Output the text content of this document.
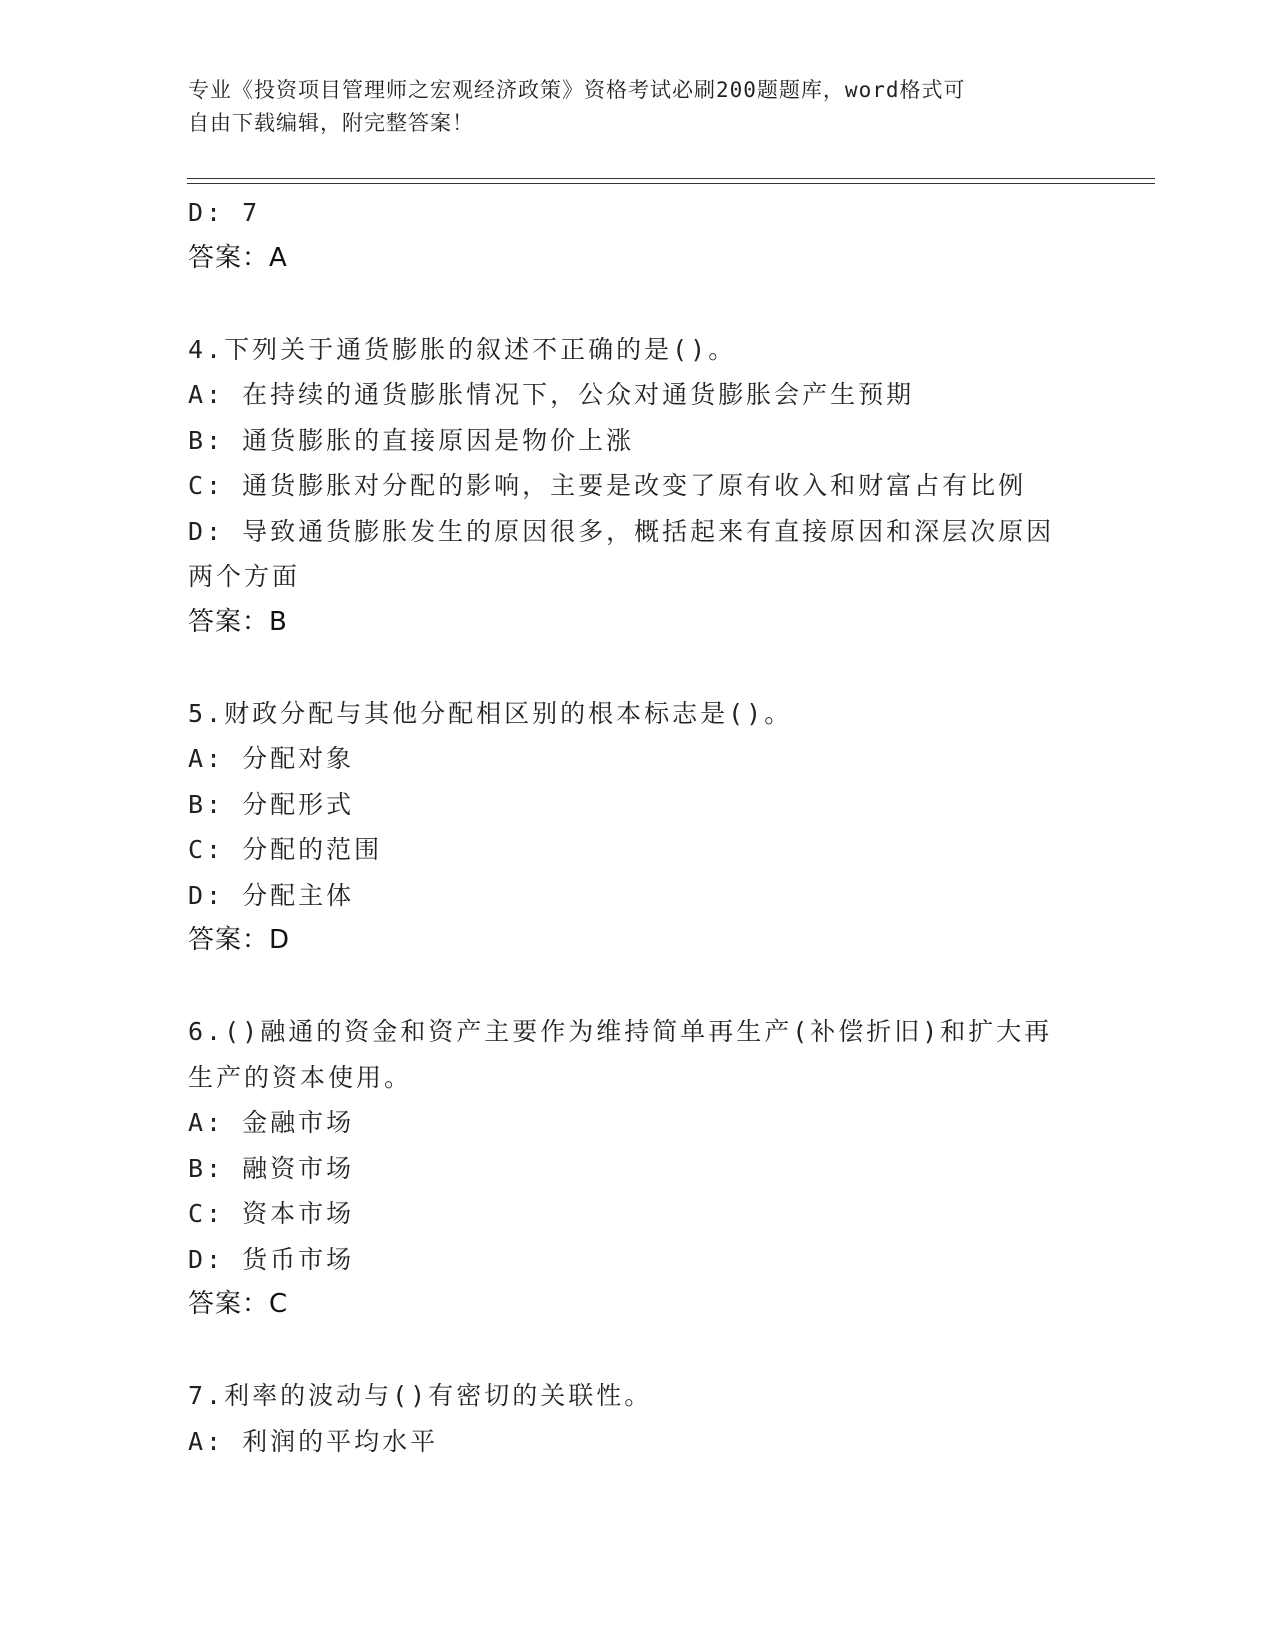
专业《投资项目管理师之宏观经济政策》资格考试必刷200题题库，word格式可
自由下载编辑，附完整答案！
D: 7
答案：A
4.下列关于通货膨胀的叙述不正确的是()。
A: 在持续的通货膨胀情况下，公众对通货膨胀会产生预期
B: 通货膨胀的直接原因是物价上涨
C: 通货膨胀对分配的影响，主要是改变了原有收入和财富占有比例
D: 导致通货膨胀发生的原因很多，概括起来有直接原因和深层次原因
两个方面
答案：B
5.财政分配与其他分配相区别的根本标志是()。
A: 分配对象
B: 分配形式
C: 分配的范围
D: 分配主体
答案：D
6.()融通的资金和资产主要作为维持简单再生产(补偿折旧)和扩大再
生产的资本使用。
A: 金融市场
B: 融资市场
C: 资本市场
D: 货币市场
答案：C
7.利率的波动与()有密切的关联性。
A: 利润的平均水平
